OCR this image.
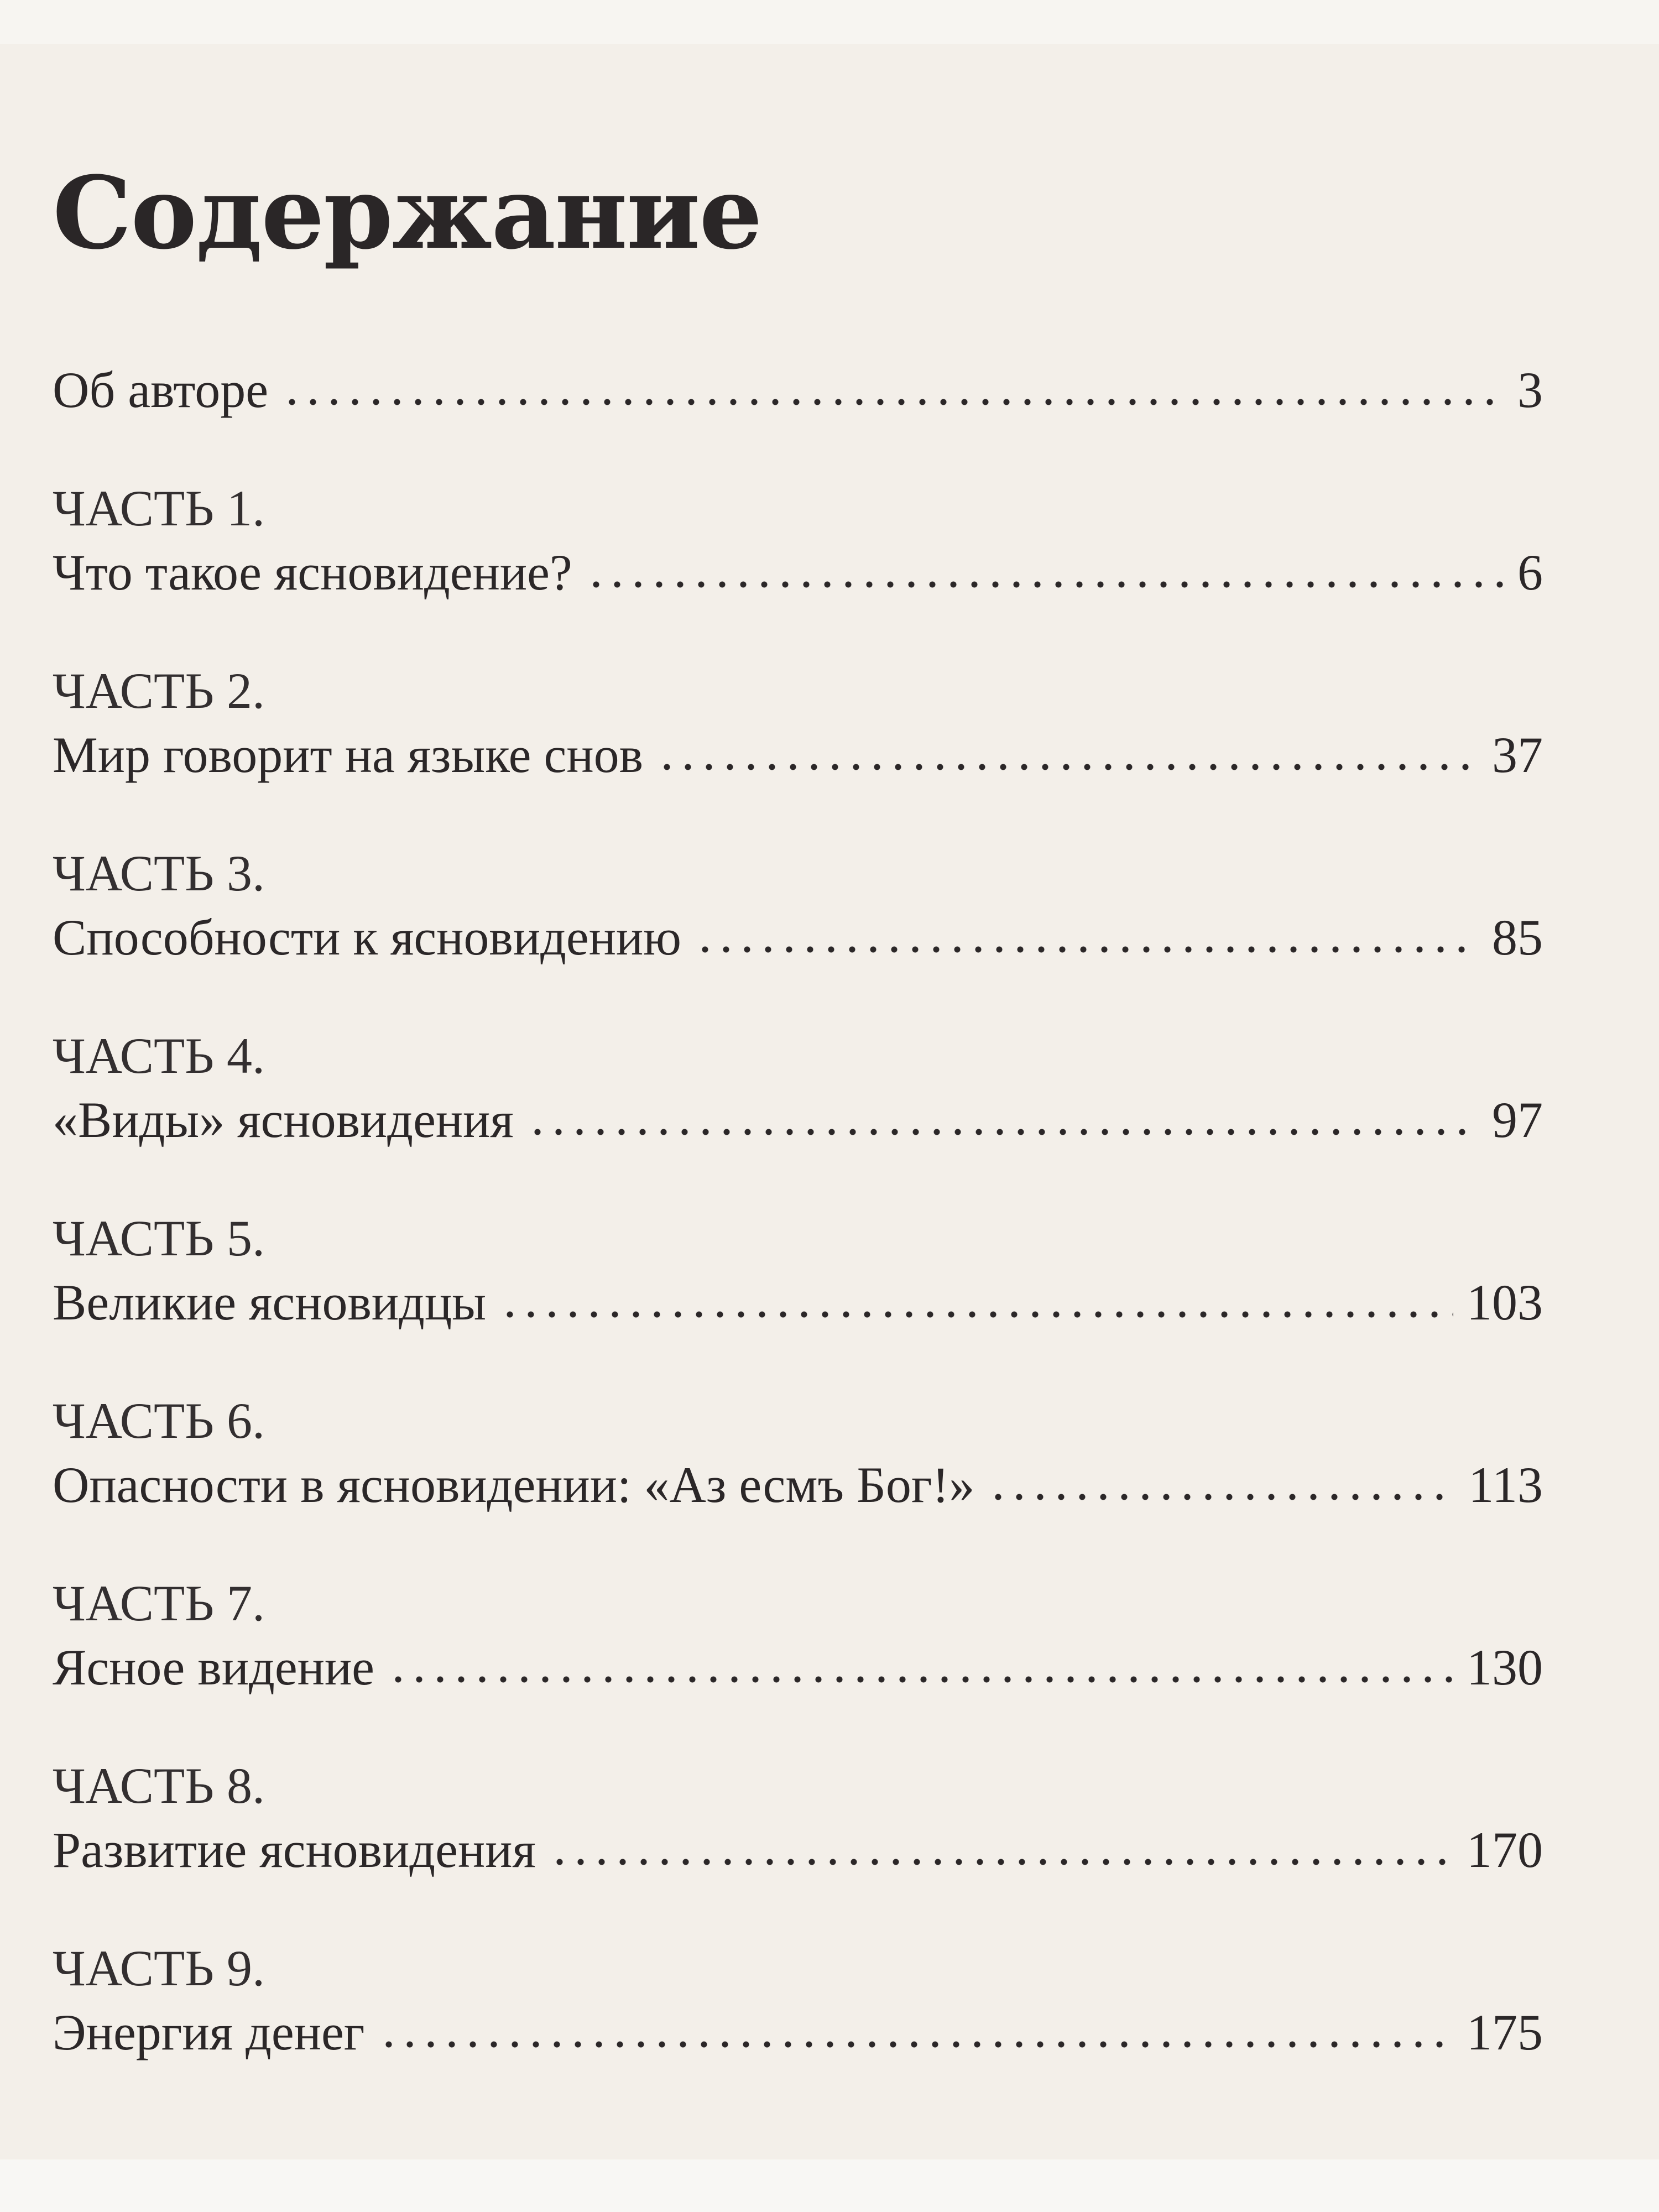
Содержание
Об авторе	3
ЧАСТЬ 1.
Что такое ясновидение?	6
ЧАСТЬ 2.
Мир говорит на языке снов	37
ЧАСТЬ 3.
Способности к ясновидению	85
ЧАСТЬ 4.
«Виды» ясновидения	97
ЧАСТЬ 5.
Великие ясновидцы	103
ЧАСТЬ 6.
Опасности в ясновидении: «Аз есмъ Бог!»	113
ЧАСТЬ 7.
Ясное видение	130
ЧАСТЬ 8.
Развитие ясновидения	170
ЧАСТЬ 9.
Энергия денег	175
